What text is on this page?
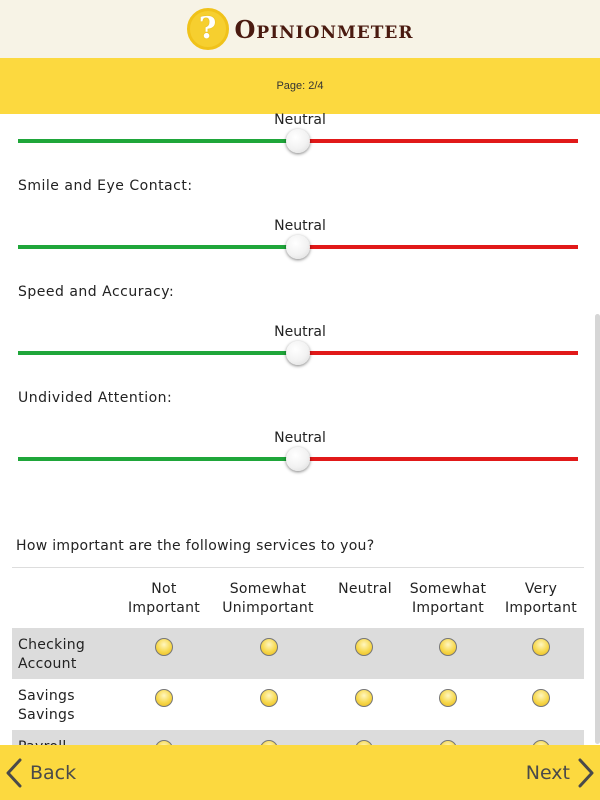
? Opinionmeter
Page: 2/4
Neutral
Smile and Eye Contact:
Neutral
Speed and Accuracy:
Neutral
Undivided Attention:
Neutral
How important are the following services to you?
Not
Important
Somewhat
Unimportant
Neutral	Somewhat
Important
Very
Important
Checking
Account
Savings
Savings
Back	Next
